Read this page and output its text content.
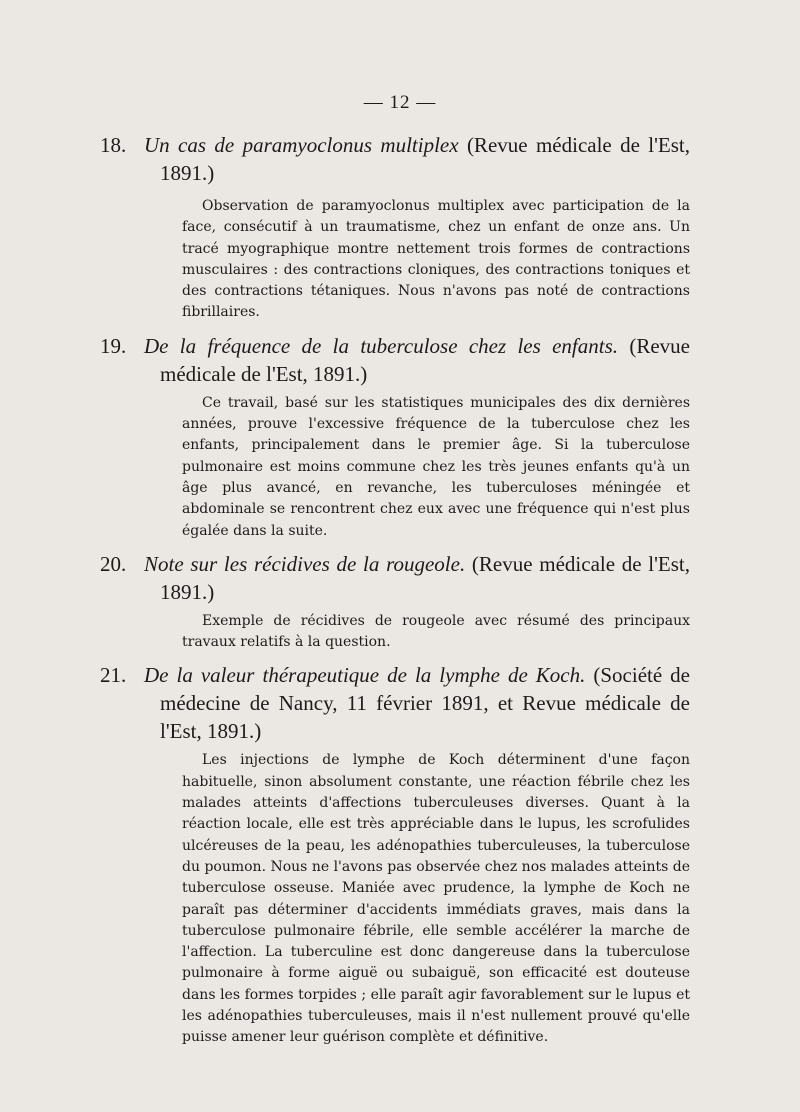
— 12 —
18. Un cas de paramyoclonus multiplex (Revue médicale de l'Est, 1891.)
Observation de paramyoclonus multiplex avec participation de la face, consécutif à un traumatisme, chez un enfant de onze ans. Un tracé myographique montre nettement trois formes de contractions musculaires : des contractions cloniques, des contractions toniques et des contractions tétaniques. Nous n'avons pas noté de contractions fibrillaires.
19. De la fréquence de la tuberculose chez les enfants. (Revue médicale de l'Est, 1891.)
Ce travail, basé sur les statistiques municipales des dix dernières années, prouve l'excessive fréquence de la tuberculose chez les enfants, principalement dans le premier âge. Si la tuberculose pulmonaire est moins commune chez les très jeunes enfants qu'à un âge plus avancé, en revanche, les tuberculoses méningée et abdominale se rencontrent chez eux avec une fréquence qui n'est plus égalée dans la suite.
20. Note sur les récidives de la rougeole. (Revue médicale de l'Est, 1891.)
Exemple de récidives de rougeole avec résumé des principaux travaux relatifs à la question.
21. De la valeur thérapeutique de la lymphe de Koch. (Société de médecine de Nancy, 11 février 1891, et Revue médicale de l'Est, 1891.)
Les injections de lymphe de Koch déterminent d'une façon habituelle, sinon absolument constante, une réaction fébrile chez les malades atteints d'affections tuberculeuses diverses. Quant à la réaction locale, elle est très appréciable dans le lupus, les scrofulides ulcéreuses de la peau, les adénopathies tuberculeuses, la tuberculose du poumon. Nous ne l'avons pas observée chez nos malades atteints de tuberculose osseuse. Maniée avec prudence, la lymphe de Koch ne paraît pas déterminer d'accidents immédiats graves, mais dans la tuberculose pulmonaire fébrile, elle semble accélérer la marche de l'affection. La tuberculine est donc dangereuse dans la tuberculose pulmonaire à forme aiguë ou subaiguë, son efficacité est douteuse dans les formes torpides ; elle paraît agir favorablement sur le lupus et les adénopathies tuberculeuses, mais il n'est nullement prouvé qu'elle puisse amener leur guérison complète et définitive.
